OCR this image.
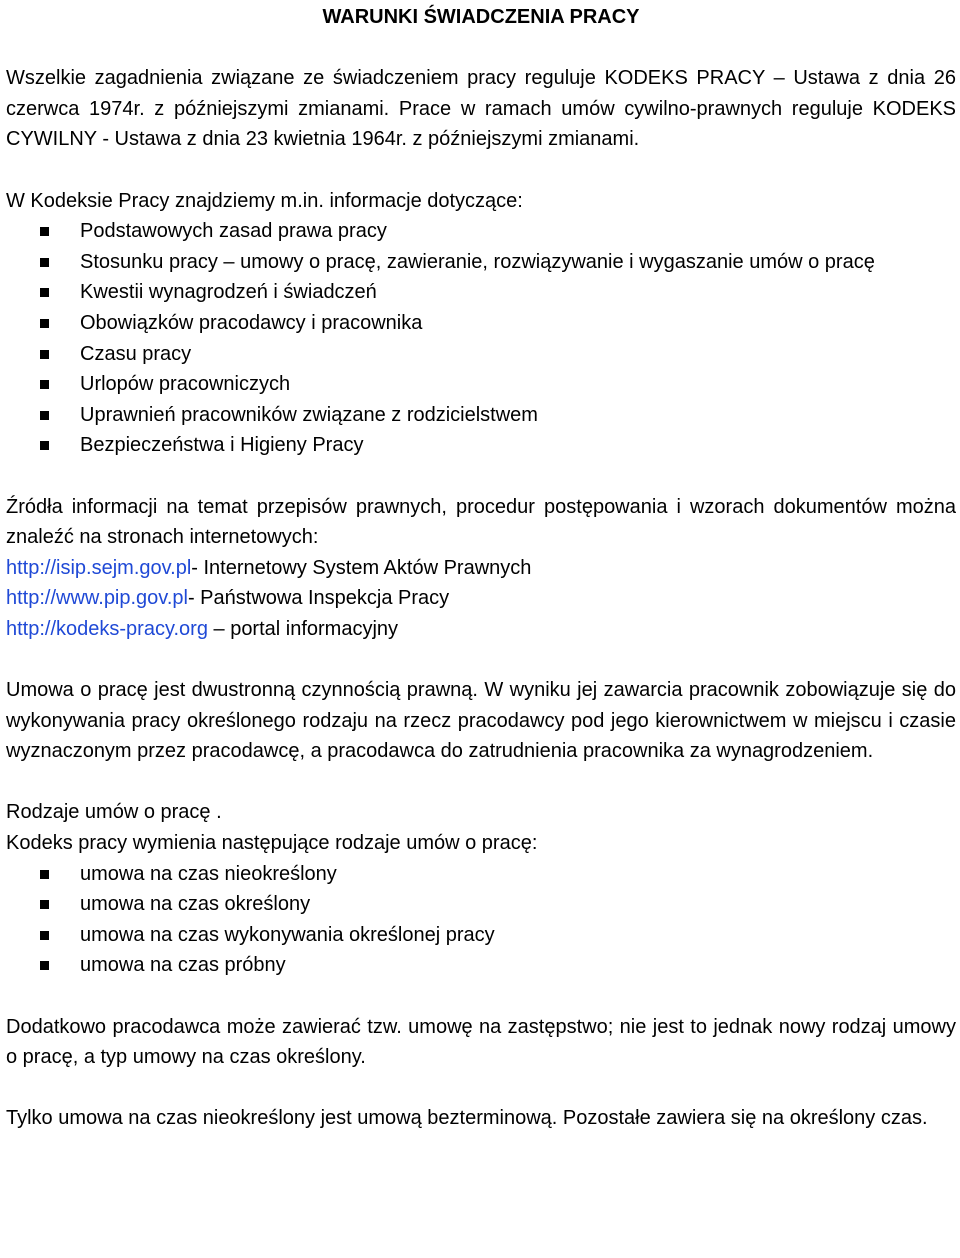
WARUNKI ŚWIADCZENIA PRACY

Wszelkie zagadnienia związane ze świadczeniem pracy reguluje KODEKS PRACY – Ustawa z dnia 26 czerwca 1974r. z późniejszymi zmianami. Prace w ramach umów cywilno-prawnych reguluje KODEKS CYWILNY - Ustawa z dnia 23 kwietnia 1964r. z późniejszymi zmianami.

W Kodeksie Pracy znajdziemy m.in. informacje dotyczące:

Podstawowych zasad prawa pracy
Stosunku pracy – umowy o pracę, zawieranie, rozwiązywanie i wygaszanie umów o pracę
Kwestii wynagrodzeń i świadczeń
Obowiązków pracodawcy i pracownika
Czasu pracy
Urlopów pracowniczych
Uprawnień pracowników związane z rodzicielstwem
Bezpieczeństwa i Higieny Pracy

Źródła informacji na temat przepisów prawnych, procedur postępowania i wzorach dokumentów można znaleźć na stronach internetowych:

http://isip.sejm.gov.pl- Internetowy System Aktów Prawnych
http://www.pip.gov.pl- Państwowa Inspekcja Pracy
http://kodeks-pracy.org – portal informacyjny

Umowa o pracę jest dwustronną czynnością prawną. W wyniku jej zawarcia pracownik zobowiązuje się do wykonywania pracy określonego rodzaju na rzecz pracodawcy pod jego kierownictwem w miejscu i czasie wyznaczonym przez pracodawcę, a pracodawca do zatrudnienia pracownika za wynagrodzeniem.

Rodzaje umów o pracę .

Kodeks pracy wymienia następujące rodzaje umów o pracę:

umowa na czas nieokreślony
umowa na czas określony
umowa na czas wykonywania określonej pracy
umowa na czas próbny

Dodatkowo pracodawca może zawierać tzw. umowę na zastępstwo; nie jest to jednak nowy rodzaj umowy o pracę, a typ umowy na czas określony.

Tylko umowa na czas nieokreślony jest umową bezterminową. Pozostałe zawiera się na określony czas.
